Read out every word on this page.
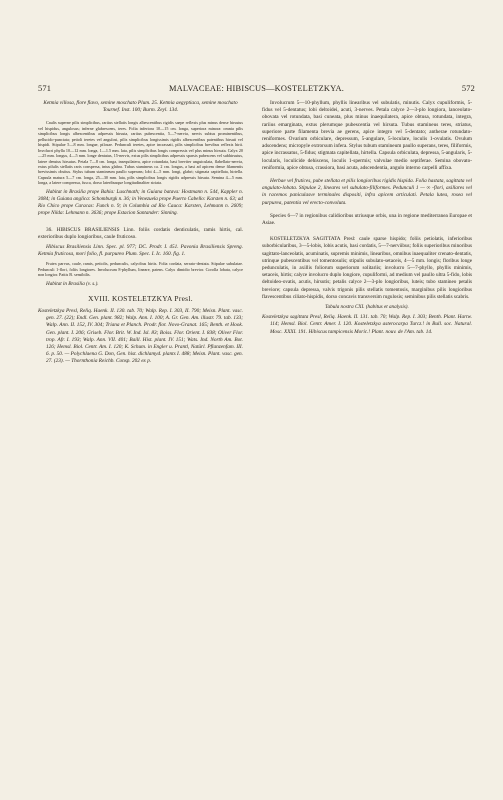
571	MALVACEAE: HIBISCUS—KOSTELETZKYA.	572

Ketmia villosa, flore flavo, semine moschato Plum. 25. Ketmia aegyptiaca, semine moschato Tournef. Inst. 100; Burm. Zeyl. 134.

Caulis superne pilis simplicibus, rariius stellatis longis albescentibus rigidis saepe reflexis plus minus dense hirsutus vel hispidus, angulosus; inferne glabrescens, teres. Folia inferiora 10—15 cm. longa, superiora minora: omnia pilis simplicibus longis albescentibus adpressis hirsuta, rariius pubescentia, 5—7-nervia, nervis subtus prominentibus, pellucido-punctata; petioli teretes vel angulosi, pilis simplicibus longissimis rigidis albescentibus patentibus hirsuti vel hispidi. Stipulae 5—8 mm. longae, pilosae. Pedunculi teretes, apice incrassati, pilis simplicibus brevibus reflexis hirti. Involucri phylla 10—12 mm. longa, 1—1.5 mm. lata, pilis simplicibus longis compressis vel plus minus hirsuta. Calyx 20—25 mm. longus, 4—5 mm. longe dentatus, 15-nervis, extus pilis simplicibus adpressis sparsis pubescens vel subhirsutus, latere densius hirsutus. Petala 7—8 cm. longa, insequilatera, apice rotundata, basi breviter unguiculata, flabellato-nervia, extus pilulis stellatis raris conspersa, intus glabra. Tubus stamineus ca. 2 cm. longus, a basi ad apicem dense filamentis brevissimis obsitus. Stylus tubum stamineum paullo superans; lobi 4—5 mm. longi, glabri; stigmata capitellata, hirtella. Capsula matura 5—7 cm. longa, 25—30 mm. lata, pilis simplicibus longis rigidis adpressis hirsuta. Semina 4—5 mm. longa, a latere compressa, fusca, dorso lateribusque longitudinaliter striata.

Habitat in Brasilia prope Bahia: Luschnath; in Guiana batava: Hostmann n. 544, Kappler n. 3084; in Guiana anglica: Schomburgk n. 36; in Venezuela prope Puerto Cabello: Karsten n. 63; ad Rio Chico prope Caracas: Funck n. 9; in Columbia ad Rio Cauca: Karsten, Lehmann n. 2609; prope Nilda: Lehmann n. 3636; prope Estacion Santander: Sinning.

36. HIBISCUS BRASILIENSIS Linn. foliis cordatis denticulatis, ramis hirtis, cal. exterioribus duplo longioribus, caule fruticoso.

Hibiscus Brasiliensis Linn. Spec. pl. 977; DC. Prodr. I. 451. Pavonia Brasiliensis Spreng. Ketmia fruticosa, mori folio, fl. purpureo Plum. Spec. I. Ic. 160. fig. 1.

Frutex parvus, caule, ramis, petiolis, pedunculis, calycibus hirtis. Folia cordata, serrato-dentata. Stipulae subulatae. Pedunculi 1-flori, foliis longiores. Involucrum 8-phyllum, lineare, patens. Calyx dimidio brevior. Corolla lobata, calyce non longior. Pattis B. sensibilis.

Habitat in Brasilia (v. s.).

XVIII. KOSTELETZKYA Presl.

Kosteletzkya Presl, Reliq. Haenk. II. 130. tab. 70; Walp. Rep. I. 303, II. 790; Meisn. Plant. vasc. gen. 27. (22); Endl. Gen. plant. 982; Walp. Ann. I. 100; A. Gr. Gen. Am. illustr. 79. tab. 133; Walp. Ann. II. 152, IV. 304; Triana et Planch. Prodr. flor. Novo-Granat. 165; Benth. et Hook. Gen. plant. I. 206; Griseb. Flor. Brit. W. Ind. Isl. 83; Boiss. Flor. Orient. I. 838; Oliver Flor. trop. Afr. I. 193; Walp. Ann. VII. 401; Baill. Hist. plant. IV. 151; Wats. Ind. North Am. Bot. 126; Hemsl. Biol. Centr. Am. I. 120; K. Schum. in Engler u. Prantl, Natürl. Pflanzenfam. III. 6. p. 50. — Polychlaena G. Don, Gen. hist. dichlamyd. plants I. 488; Meisn. Plant. vasc. gen. 27. (23). — Thornthonia Reichb. Consp. 202 ex p.

Involucrum 5—10-phyllum, phyllis linearibus vel subulatis, minutis. Calyx cupuliformis, 5-fidus vel 5-dentatus; lobi deltoidei, acuti, 3-nerves. Petala calyce 2—3-plo longiora, lanceolato-obovata vel rotundata, basi cuneata, plus minus inaequilatera, apice obtusa, rotundata, integra, rariius emarginata, extus plerumque pubescentia vel hirsuta. Tubus stamineus teres, striatus, superiore parte filamenta brevia ae gerens, apice integro vel 5-dentato; antherae rotundato-reniformes. Ovarium orbiculare, depressum, 5-angulare, 5-loculare, loculis 1-ovulatis. Ovulum adscendens; micropyle extrorsum infera. Stylus tubum stamineum paullo superans, teres, filiformis, apice incrassatus, 5-fidus; stigmata capitellata, hirtella. Capsula orbiculata, depressa, 5-angularis, 5-locularis, loculicide dehiscens, loculis 1-spermis; valvulae medio septiferae. Semina obovato-reniformia, apice obtusa, crassiora, basi acuta, adscendentia, angulo interno carpelli affixa.

Herbae vel frutices, pube stellata et pilis longioribus rigidis hispida. Folia hastata, sagittata vel angulato-lobata. Stipulae 2, lineares vel subulato-filiformes. Pedunculi 1 — ∞ -flori, axillares vel in racemos paniculasve terminales dispositi, infra apicem articulati. Petala lutea, rosea vel purpurea, patentia vel erecto-convoluta.

Species 6—7 in regionibus calidioribus utriusque orbis, una in regione mediterranea Europae et Asiae.

KOSTELETZKYA SAGITTATA Presl: caule sparse hispido; foliis petiolatis, inferioribus suborbicularibus, 3—5-lobis, lobis acutis, basi cordatis, 5—7-nerviibus; foliis superioribus minoribus sagittato-lanceolatis, acuminatis, supremis minimis, linearibus, omnibus inaequaliter crenato-dentatis, utrinque pubescentibus vel tomentosulis; stipulis subulato-setaceis, 4—5 mm. longis; floribus longe pedunculatis, in axillis foliorum superiorum solitariis; involucro 5—7-phyllo, phyllis minimis, setaceis, hirtis; calyce involucro duplo longiore, cupuliformi, ad medium vel paullo ultra 5-fido, lobis deltoideo-ovatis, acutis, hirsutis; petalis calyce 2—3-plo longioribus, luteis; tubo stamineo petalis breviore; capsula depressa, valvis trigonis pilis stellatis tomentosis, marginibus pilis longioribus flavescentibus ciliato-hispidis, dorso concavis transversim rugulosis; seminibus pilis stellatis scabris.

Tabula nostra CXI. (habitus et analysis).

Kosteletzkya sagittata Presl, Reliq. Haenk. II. 131. tab. 70; Walp. Rep. I. 303; Benth. Plant. Hartw. 114; Hemsl. Biol. Centr. Amer. I. 120. Kosteletzkya asterocarpa Turcz.! in Bull. soc. Natural. Mosc. XXXI. 191. Hibiscus tampicensis Moric.! Plant. nouv. de l'Am. tab. 14.
